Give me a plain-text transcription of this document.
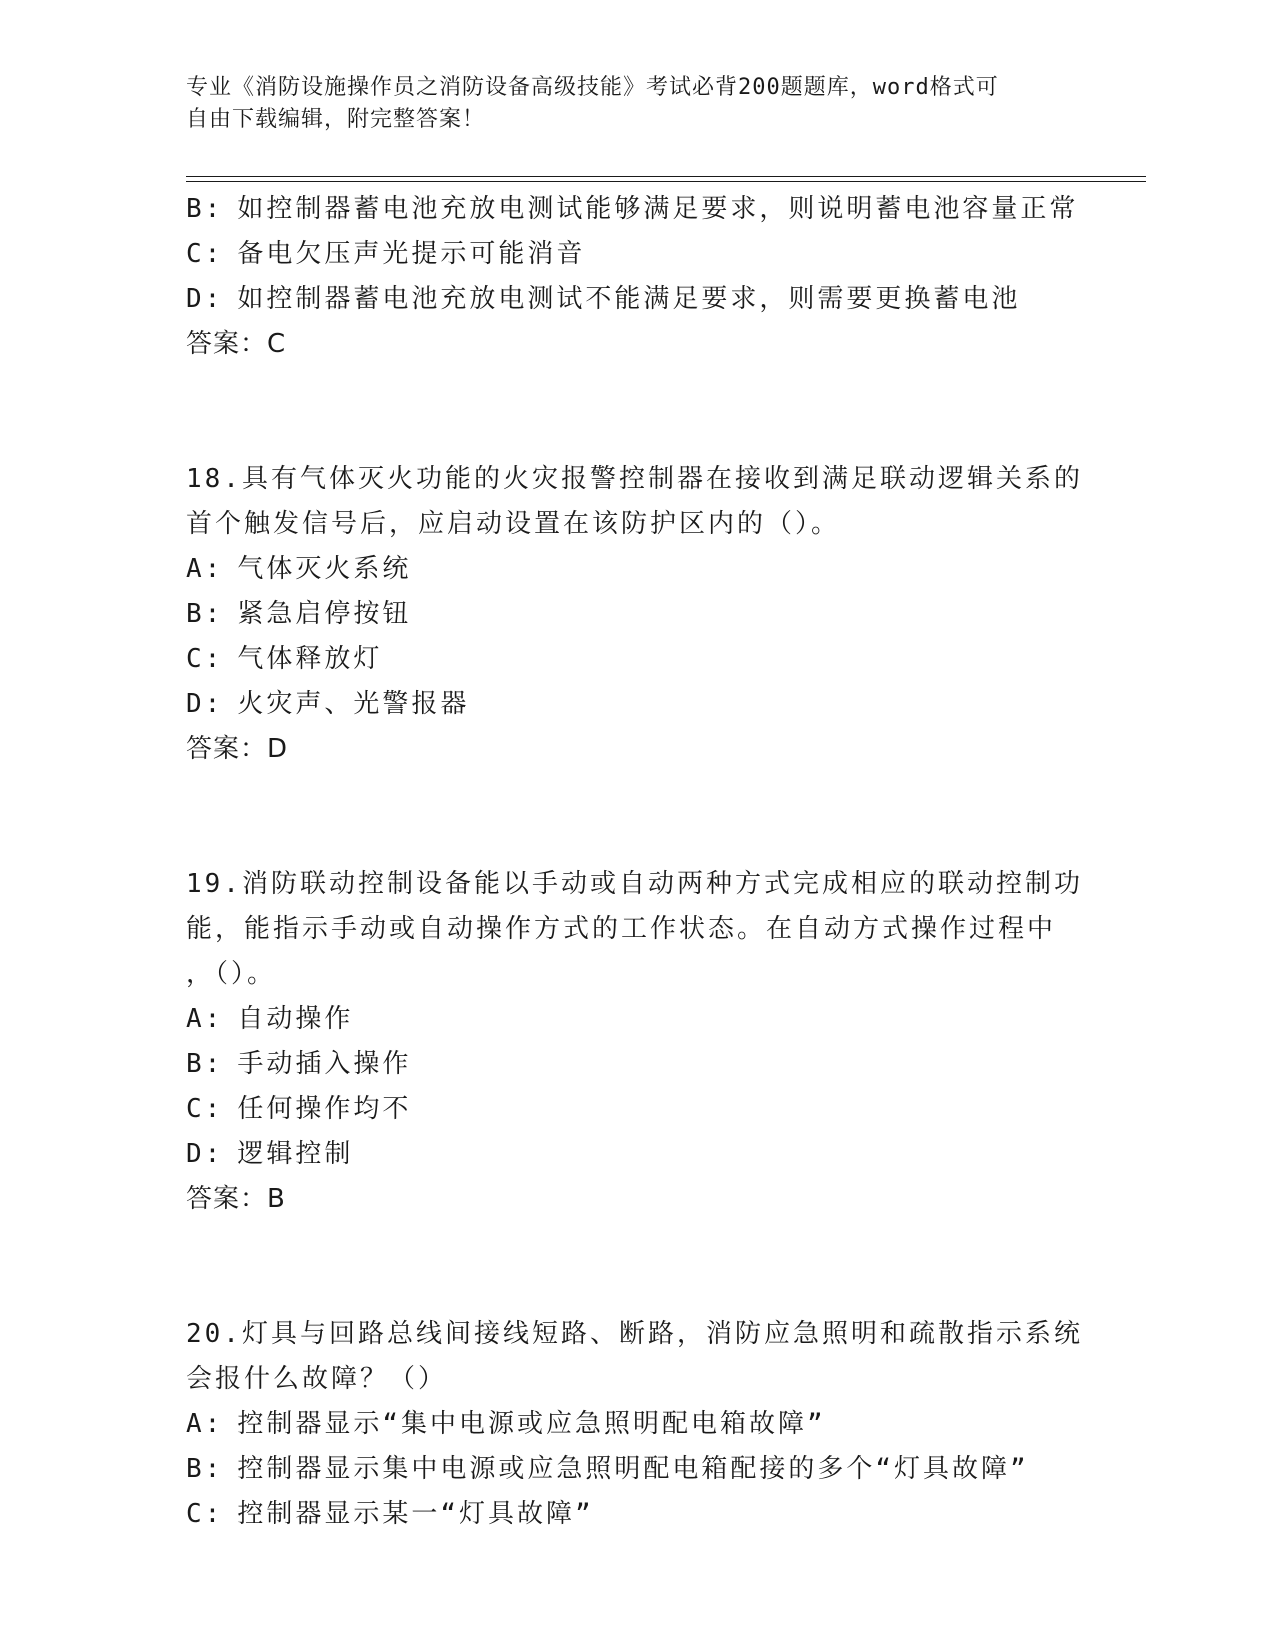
专业《消防设施操作员之消防设备高级技能》考试必背200题题库，word格式可
自由下载编辑，附完整答案！
B: 如控制器蓄电池充放电测试能够满足要求，则说明蓄电池容量正常
C: 备电欠压声光提示可能消音
D: 如控制器蓄电池充放电测试不能满足要求，则需要更换蓄电池
答案：C
18.具有气体灭火功能的火灾报警控制器在接收到满足联动逻辑关系的
首个触发信号后，应启动设置在该防护区内的（）。
A: 气体灭火系统
B: 紧急启停按钮
C: 气体释放灯
D: 火灾声、光警报器
答案：D
19.消防联动控制设备能以手动或自动两种方式完成相应的联动控制功
能，能指示手动或自动操作方式的工作状态。在自动方式操作过程中
，（）。
A: 自动操作
B: 手动插入操作
C: 任何操作均不
D: 逻辑控制
答案：B
20.灯具与回路总线间接线短路、断路，消防应急照明和疏散指示系统
会报什么故障？（）
A: 控制器显示“集中电源或应急照明配电箱故障”
B: 控制器显示集中电源或应急照明配电箱配接的多个“灯具故障”
C: 控制器显示某一“灯具故障”
